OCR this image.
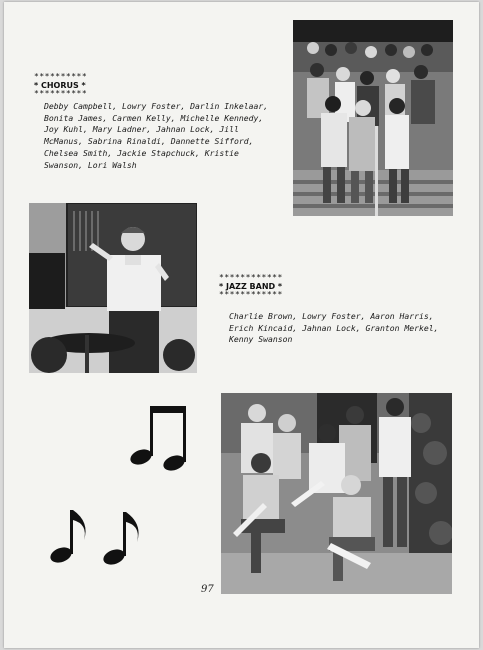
**********
* CHORUS *
**********
Debby Campbell, Lowry Foster, Darlin Inkelaar,
Bonita James, Carmen Kelly, Michelle Kennedy,
Joy Kuhl, Mary Ladner, Jahnan Lock, Jill
McManus, Sabrina Rinaldi, Dannette Sifford,
Chelsea Smith, Jackie Stapchuck, Kristie
Swanson, Lori Walsh
************
* JAZZ BAND *
************
Charlie Brown, Lowry Foster, Aaron Harris,
Erich Kincaid, Jahnan Lock, Granton Merkel,
Kenny Swanson
97
